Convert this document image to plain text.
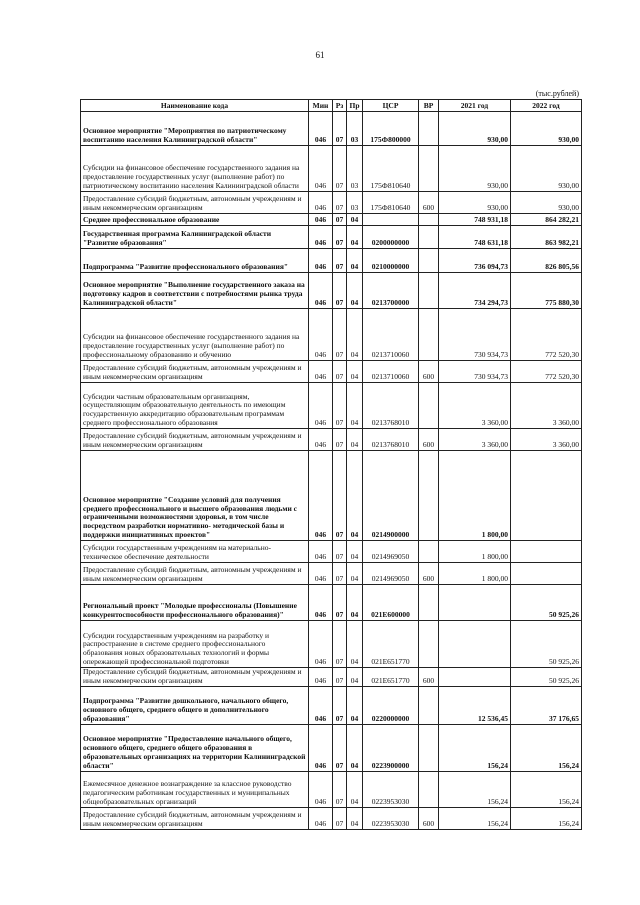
61
(тыс.рублей)
Наименование кода	Мин	Рз	Пр	ЦСР	ВР	2021 год	2022 год
Основное мероприятие "Мероприятия по патриотическому воспитанию населения Калининградской области"	046	07	03	175Ф800000		930,00	930,00
Субсидии на финансовое обеспечение государственного задания на предоставление государственных услуг (выполнение работ) по патриотическому воспитанию населения Калининградской области	046	07	03	175Ф810640		930,00	930,00
Предоставление субсидий бюджетным, автономным учреждениям и иным некоммерческим организациям	046	07	03	175Ф810640	600	930,00	930,00
Среднее профессиональное образование	046	07	04			748 931,18	864 282,21
Государственная программа Калининградской области "Развитие образования"	046	07	04	0200000000		748 631,18	863 982,21
Подпрограмма "Развитие профессионального образования"	046	07	04	0210000000		736 094,73	826 805,56
Основное мероприятие "Выполнение государственного заказа на подготовку кадров в соответствии с потребностями рынка труда Калининградской области"	046	07	04	0213700000		734 294,73	775 880,30
Субсидии на финансовое обеспечение государственного задания на предоставление государственных услуг (выполнение работ) по профессиональному образованию и обучению	046	07	04	0213710060		730 934,73	772 520,30
Предоставление субсидий бюджетным, автономным учреждениям и иным некоммерческим организациям	046	07	04	0213710060	600	730 934,73	772 520,30
Субсидии частным образовательным организациям, осуществляющим образовательную деятельность по имеющим государственную аккредитацию образовательным программам среднего профессионального образования	046	07	04	0213768010		3 360,00	3 360,00
Предоставление субсидий бюджетным, автономным учреждениям и иным некоммерческим организациям	046	07	04	0213768010	600	3 360,00	3 360,00
Основное мероприятие "Создание условий для получения среднего профессионального и высшего образования людьми с ограниченными возможностями здоровья, в том числе посредством разработки нормативно- методической базы и поддержки инициативных проектов"	046	07	04	0214900000		1 800,00	
Субсидии государственным учреждениям на материально-техническое обеспечение деятельности	046	07	04	0214969050		1 800,00	
Предоставление субсидий бюджетным, автономным учреждениям и иным некоммерческим организациям	046	07	04	0214969050	600	1 800,00	
Региональный проект "Молодые профессионалы (Повышение конкурентоспособности профессионального образования)"	046	07	04	021E600000			50 925,26
Субсидии государственным учреждениям на разработку и распространение в системе среднего профессионального образования новых образовательных технологий и формы опережающей профессиональной подготовки	046	07	04	021E651770			50 925,26
Предоставление субсидий бюджетным, автономным учреждениям и иным некоммерческим организациям	046	07	04	021E651770	600		50 925,26
Подпрограмма "Развитие дошкольного, начального общего, основного общего, среднего общего и дополнительного образования"	046	07	04	0220000000		12 536,45	37 176,65
Основное мероприятие "Предоставление начального общего, основного общего, среднего общего образования в образовательных организациях на территории Калининградской области"	046	07	04	0223900000		156,24	156,24
Ежемесячное денежное вознаграждение за классное руководство педагогическим работникам государственных и муниципальных общеобразовательных организаций	046	07	04	0223953030		156,24	156,24
Предоставление субсидий бюджетным, автономным учреждениям и иным некоммерческим организациям	046	07	04	0223953030	600	156,24	156,24
